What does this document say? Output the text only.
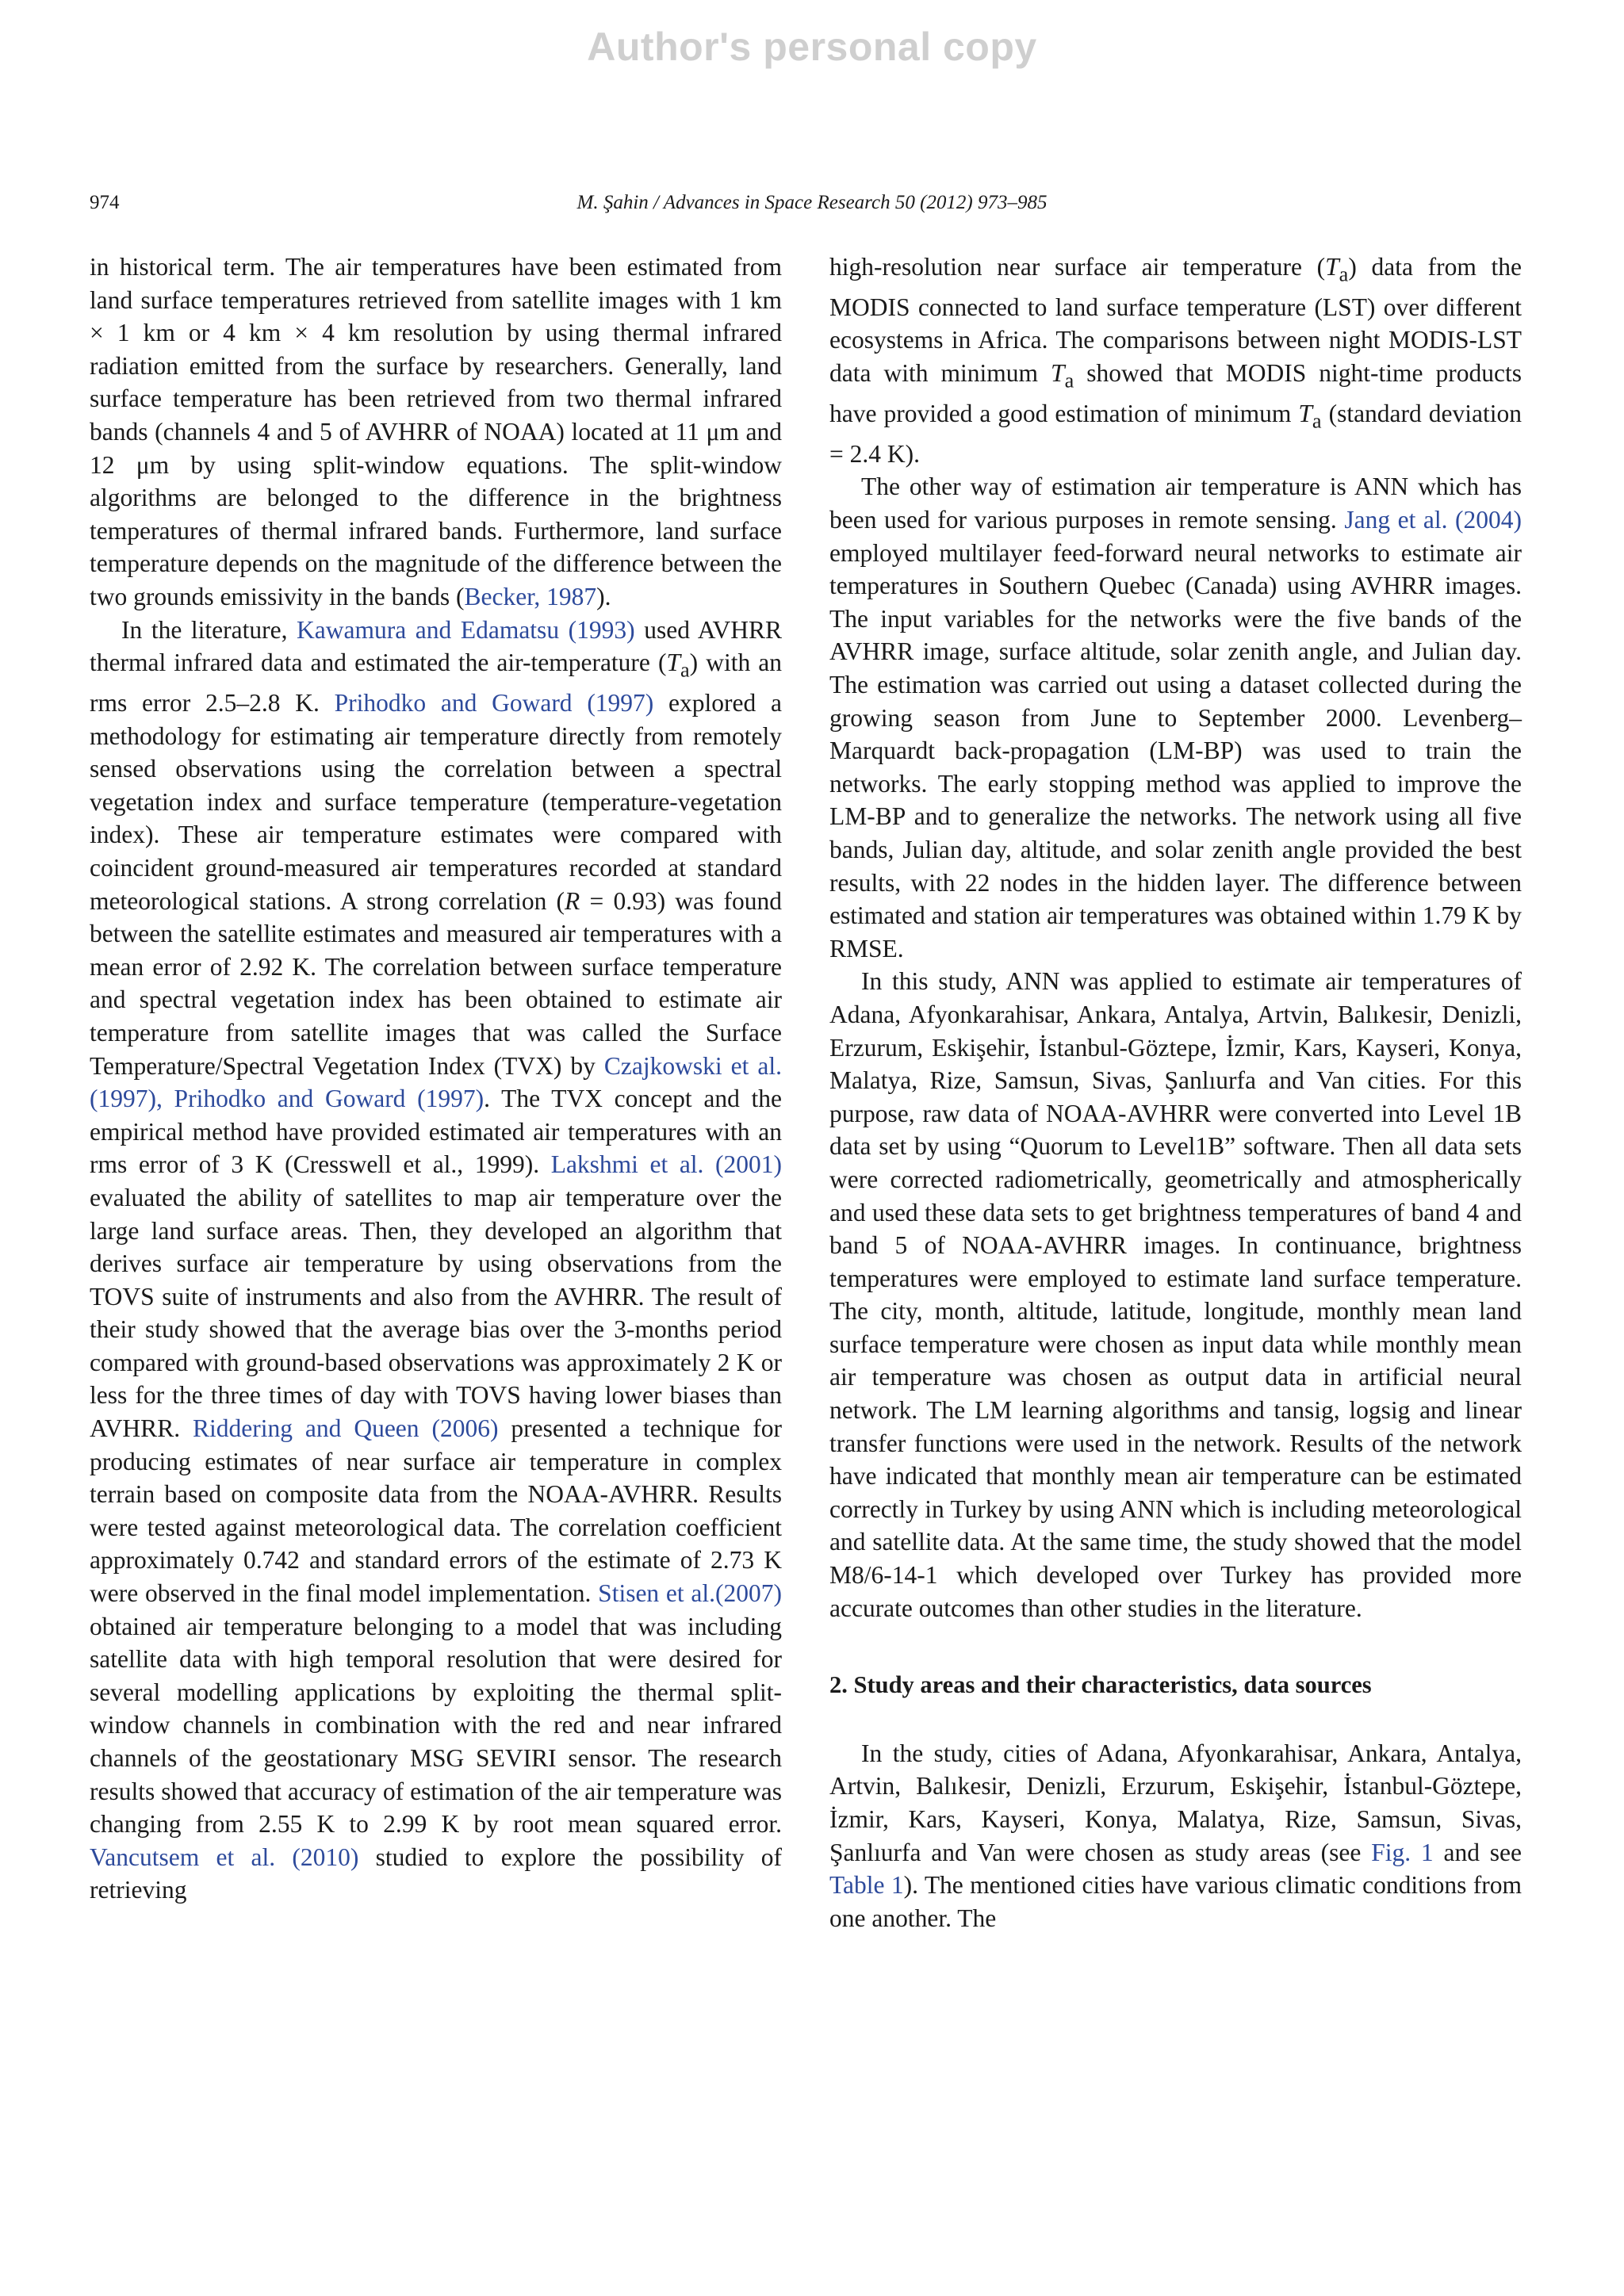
Author's personal copy
974	M. Şahin / Advances in Space Research 50 (2012) 973–985

in historical term. The air temperatures have been estimated from land surface temperatures retrieved from satellite images with 1 km × 1 km or 4 km × 4 km resolution by using thermal infrared radiation emitted from the surface by researchers. Generally, land surface temperature has been retrieved from two thermal infrared bands (channels 4 and 5 of AVHRR of NOAA) located at 11 μm and 12 μm by using split-window equations. The split-window algorithms are belonged to the difference in the brightness temperatures of thermal infrared bands. Furthermore, land surface temperature depends on the magnitude of the difference between the two grounds emissivity in the bands (Becker, 1987).

In the literature, Kawamura and Edamatsu (1993) used AVHRR thermal infrared data and estimated the air-temperature $(T_a)$ with an rms error 2.5–2.8 K. Prihodko and Goward (1997) explored a methodology for estimating air temperature directly from remotely sensed observations using the correlation between a spectral vegetation index and surface temperature (temperature-vegetation index). These air temperature estimates were compared with coincident ground-measured air temperatures recorded at standard meteorological stations. A strong correlation (R = 0.93) was found between the satellite estimates and measured air temperatures with a mean error of 2.92 K. The correlation between surface temperature and spectral vegetation index has been obtained to estimate air temperature from satellite images that was called the Surface Temperature/Spectral Vegetation Index (TVX) by Czajkowski et al. (1997), Prihodko and Goward (1997). The TVX concept and the empirical method have provided estimated air temperatures with an rms error of 3 K (Cresswell et al., 1999). Lakshmi et al. (2001) evaluated the ability of satellites to map air temperature over the large land surface areas. Then, they developed an algorithm that derives surface air temperature by using observations from the TOVS suite of instruments and also from the AVHRR. The result of their study showed that the average bias over the 3-months period compared with ground-based observations was approximately 2 K or less for the three times of day with TOVS having lower biases than AVHRR. Riddering and Queen (2006) presented a technique for producing estimates of near surface air temperature in complex terrain based on composite data from the NOAA-AVHRR. Results were tested against meteorological data. The correlation coefficient approximately 0.742 and standard errors of the estimate of 2.73 K were observed in the final model implementation. Stisen et al.(2007) obtained air temperature belonging to a model that was including satellite data with high temporal resolution that were desired for several modelling applications by exploiting the thermal split-window channels in combination with the red and near infrared channels of the geostationary MSG SEVIRI sensor. The research results showed that accuracy of estimation of the air temperature was changing from 2.55 K to 2.99 K by root mean squared error. Vancutsem et al. (2010) studied to explore the possibility of retrieving

high-resolution near surface air temperature $(T_a)$ data from the MODIS connected to land surface temperature (LST) over different ecosystems in Africa. The comparisons between night MODIS-LST data with minimum $T_a$ showed that MODIS night-time products have provided a good estimation of minimum $T_a$ (standard deviation = 2.4 K).

The other way of estimation air temperature is ANN which has been used for various purposes in remote sensing. Jang et al. (2004) employed multilayer feed-forward neural networks to estimate air temperatures in Southern Quebec (Canada) using AVHRR images. The input variables for the networks were the five bands of the AVHRR image, surface altitude, solar zenith angle, and Julian day. The estimation was carried out using a dataset collected during the growing season from June to September 2000. Levenberg–Marquardt back-propagation (LM-BP) was used to train the networks. The early stopping method was applied to improve the LM-BP and to generalize the networks. The network using all five bands, Julian day, altitude, and solar zenith angle provided the best results, with 22 nodes in the hidden layer. The difference between estimated and station air temperatures was obtained within 1.79 K by RMSE.

In this study, ANN was applied to estimate air temperatures of Adana, Afyonkarahisar, Ankara, Antalya, Artvin, Balıkesir, Denizli, Erzurum, Eskişehir, İstanbul-Göztepe, İzmir, Kars, Kayseri, Konya, Malatya, Rize, Samsun, Sivas, Şanlıurfa and Van cities. For this purpose, raw data of NOAA-AVHRR were converted into Level 1B data set by using “Quorum to Level1B” software. Then all data sets were corrected radiometrically, geometrically and atmospherically and used these data sets to get brightness temperatures of band 4 and band 5 of NOAA-AVHRR images. In continuance, brightness temperatures were employed to estimate land surface temperature. The city, month, altitude, latitude, longitude, monthly mean land surface temperature were chosen as input data while monthly mean air temperature was chosen as output data in artificial neural network. The LM learning algorithms and tansig, logsig and linear transfer functions were used in the network. Results of the network have indicated that monthly mean air temperature can be estimated correctly in Turkey by using ANN which is including meteorological and satellite data. At the same time, the study showed that the model M8/6-14-1 which developed over Turkey has provided more accurate outcomes than other studies in the literature.

2. Study areas and their characteristics, data sources

In the study, cities of Adana, Afyonkarahisar, Ankara, Antalya, Artvin, Balıkesir, Denizli, Erzurum, Eskişehir, İstanbul-Göztepe, İzmir, Kars, Kayseri, Konya, Malatya, Rize, Samsun, Sivas, Şanlıurfa and Van were chosen as study areas (see Fig. 1 and see Table 1). The mentioned cities have various climatic conditions from one another. The
